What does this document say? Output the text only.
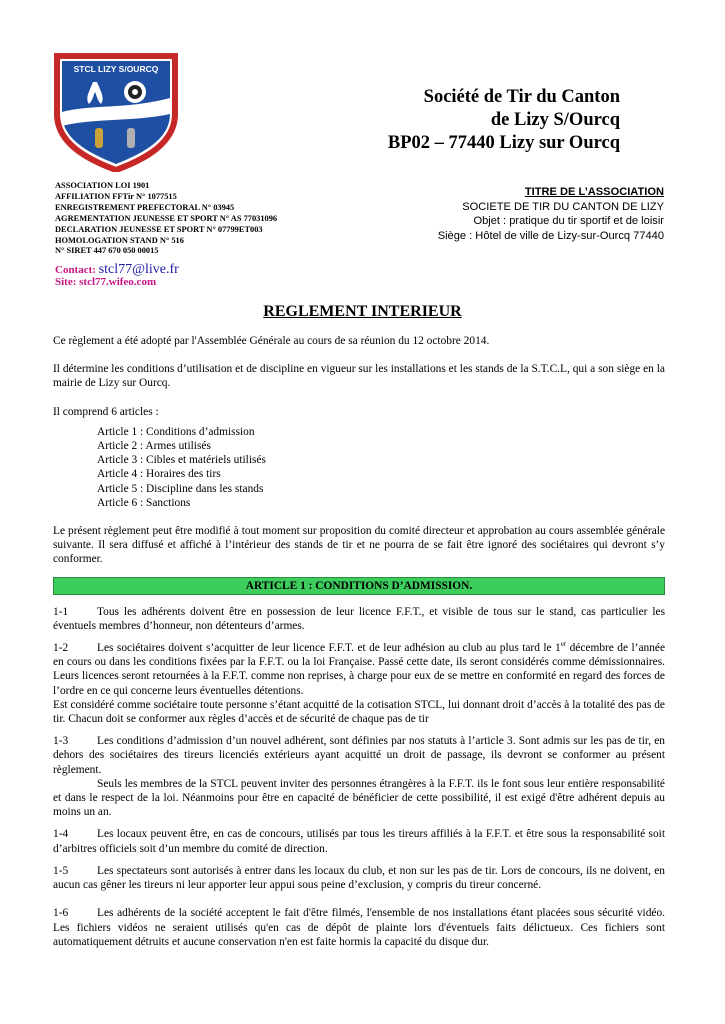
STCL LIZY S/OURCQ
Société de Tir du Canton
de Lizy S/Ourcq
BP02 – 77440 Lizy sur Ourcq
ASSOCIATION LOI 1901
AFFILIATION FFTir N° 1077515
ENREGISTREMENT PREFECTORAL N° 03945
AGREMENTATION JEUNESSE ET SPORT N° AS 77031096
DECLARATION JEUNESSE ET SPORT N° 07799ET003
HOMOLOGATION STAND N° 516
N° SIRET 447 670 050 00015
Contact: stcl77@live.fr
Site: stcl77.wifeo.com
TITRE DE L’ASSOCIATION
SOCIETE DE TIR DU CANTON DE LIZY
Objet : pratique du tir sportif et de loisir
Siège : Hôtel de ville de Lizy-sur-Ourcq 77440
REGLEMENT INTERIEUR

Ce règlement a été adopté par l'Assemblée Générale au cours de sa réunion du 12 octobre 2014.

Il détermine les conditions d’utilisation et de discipline en vigueur sur les installations et les stands de la S.T.C.L, qui a son siège en la mairie de Lizy sur Ourcq.

Il comprend 6 articles :

Article 1 : Conditions d’admission
Article 2 : Armes utilisés
Article 3 : Cibles et matériels utilisés
Article 4 : Horaires des tirs
Article 5 : Discipline dans les stands
Article 6 : Sanctions

Le présent règlement peut être modifié à tout moment sur proposition du comité directeur et approbation au cours assemblée générale suivante. Il sera diffusé et affiché à l’intérieur des stands de tir et ne pourra de se fait être ignoré des sociétaires qui devront s’y conformer.

ARTICLE 1 : CONDITIONS D’ADMISSION.

1-1	Tous les adhérents doivent être en possession de leur licence F.F.T., et visible de tous sur le stand, cas particulier les éventuels membres d’honneur, non détenteurs d’armes.

1-2	Les sociétaires doivent s’acquitter de leur licence F.F.T. et de leur adhésion au club au plus tard le 1er décembre de l’année en cours ou dans les conditions fixées par la F.F.T. ou la loi Française. Passé cette date, ils seront considérés comme démissionnaires. Leurs licences seront retournées à la F.F.T. comme non reprises, à charge pour eux de se mettre en conformité en regard des forces de l’ordre en ce qui concerne leurs éventuelles détentions.

Est considéré comme sociétaire toute personne s’étant acquitté de la cotisation STCL, lui donnant droit d’accès à la totalité des pas de tir. Chacun doit se conformer aux règles d’accès et de sécurité de chaque pas de tir

1-3	Les conditions d’admission d’un nouvel adhérent, sont définies par nos statuts à l’article 3. Sont admis sur les pas de tir, en dehors des sociétaires des tireurs licenciés extérieurs ayant acquitté un droit de passage, ils devront se conformer au présent règlement.

Seuls les membres de la STCL peuvent inviter des personnes étrangères à la F.F.T. ils le font sous leur entière responsabilité et dans le respect de la loi. Néanmoins pour être en capacité de bénéficier de cette possibilité, il est exigé d'être adhérent depuis au moins un an.

1-4	Les locaux peuvent être, en cas de concours, utilisés par tous les tireurs affiliés à la F.F.T. et être sous la responsabilité soit d’arbitres officiels soit d’un membre du comité de direction.

1-5	Les spectateurs sont autorisés à entrer dans les locaux du club, et non sur les pas de tir. Lors de concours, ils ne doivent, en aucun cas gêner les tireurs ni leur apporter leur appui sous peine d’exclusion, y compris du tireur concerné.

1-6	Les adhérents de la société acceptent le fait d'être filmés, l'ensemble de nos installations étant placées sous sécurité vidéo. Les fichiers vidéos ne seraient utilisés qu'en cas de dépôt de plainte lors d'éventuels faits délictueux. Ces fichiers sont automatiquement détruits et aucune conservation n'en est faite hormis la capacité du disque dur.
